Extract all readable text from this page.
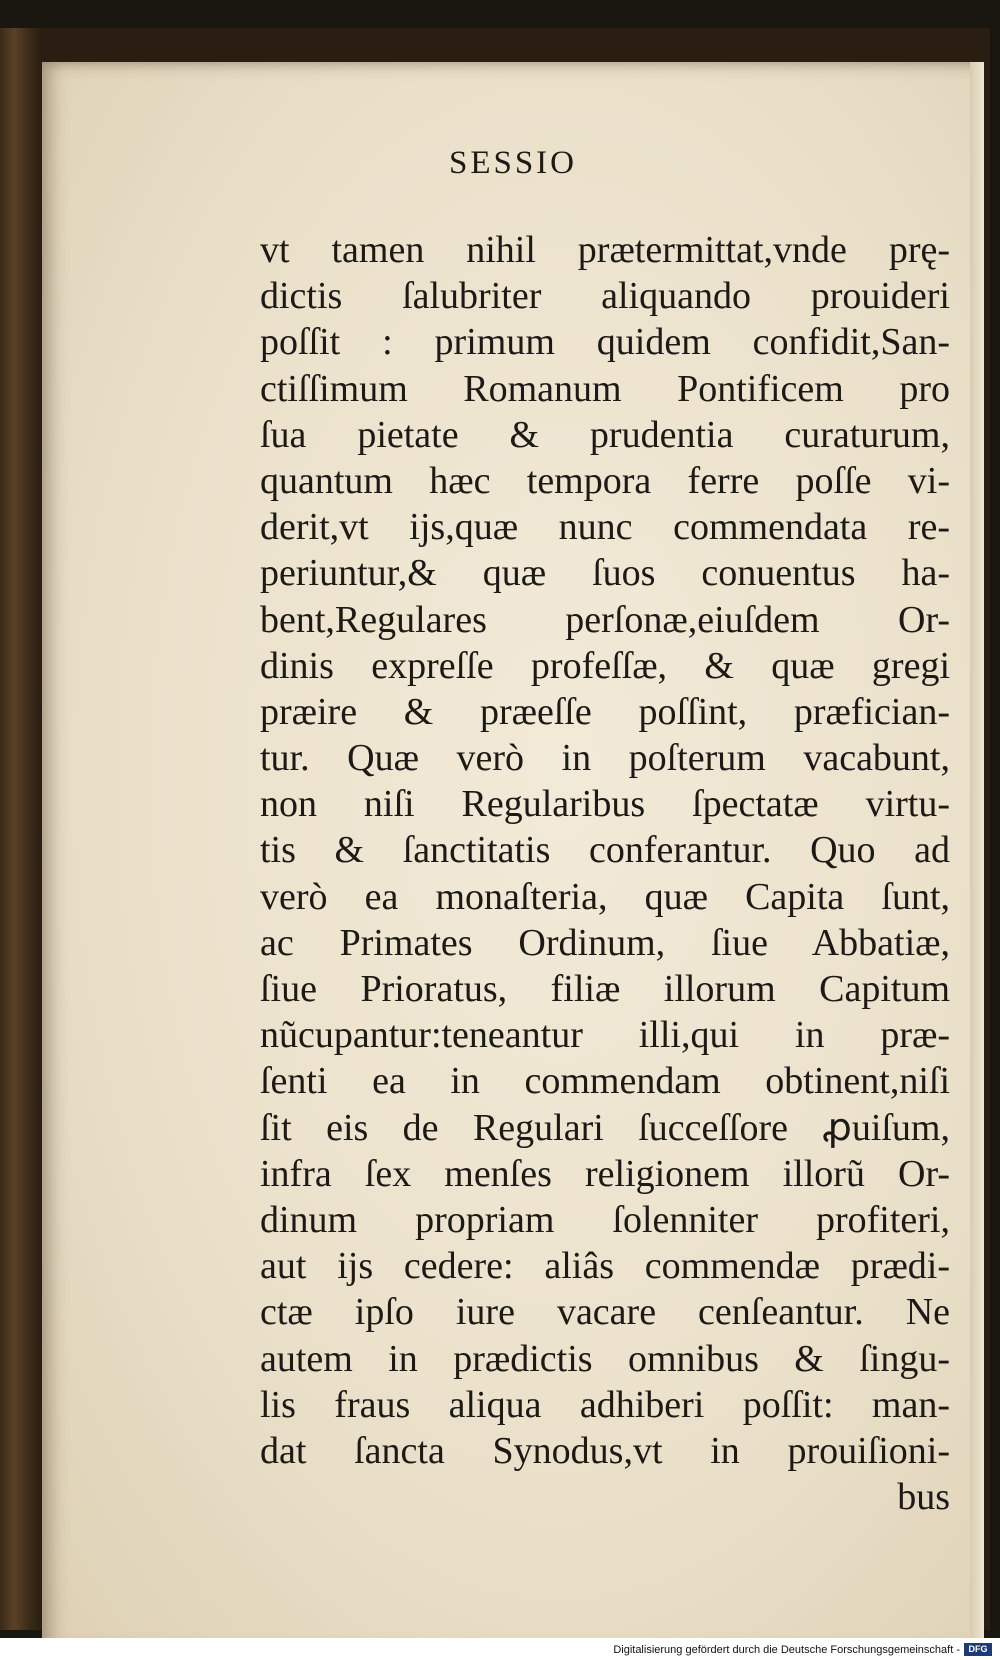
SESSIO
vt tamen nihil prætermittat,vnde prę-
dictis ſalubriter aliquando prouideri
poſſit : primum quidem confidit,San-
ctiſſimum Romanum Pontificem pro
ſua pietate & prudentia curaturum,
quantum hæc tempora ferre poſſe vi-
derit,vt ijs,quæ nunc commendata re-
periuntur,& quæ ſuos conuentus ha-
bent,Regulares perſonæ,eiuſdem Or-
dinis expreſſe profeſſæ, & quæ gregi
præire & præeſſe poſſint, præfician-
tur. Quæ verò in poſterum vacabunt,
non niſi Regularibus ſpectatæ virtu-
tis & ſanctitatis conferantur. Quo ad
verò ea monaſteria, quæ Capita ſunt,
ac Primates Ordinum, ſiue Abbatiæ,
ſiue Prioratus, filiæ illorum Capitum
nũcupantur:teneantur illi,qui in præ-
ſenti ea in commendam obtinent,niſi
ſit eis de Regulari ſucceſſore ꝓuiſum,
infra ſex menſes religionem illorũ Or-
dinum propriam ſolenniter profiteri,
aut ijs cedere: aliâs commendæ prædi-
ctæ ipſo iure vacare cenſeantur. Ne
autem in prædictis omnibus & ſingu-
lis fraus aliqua adhiberi poſſit: man-
dat ſancta Synodus,vt in prouiſioni-
bus
Digitalisierung gefördert durch die Deutsche Forschungsgemeinschaft - DFG
